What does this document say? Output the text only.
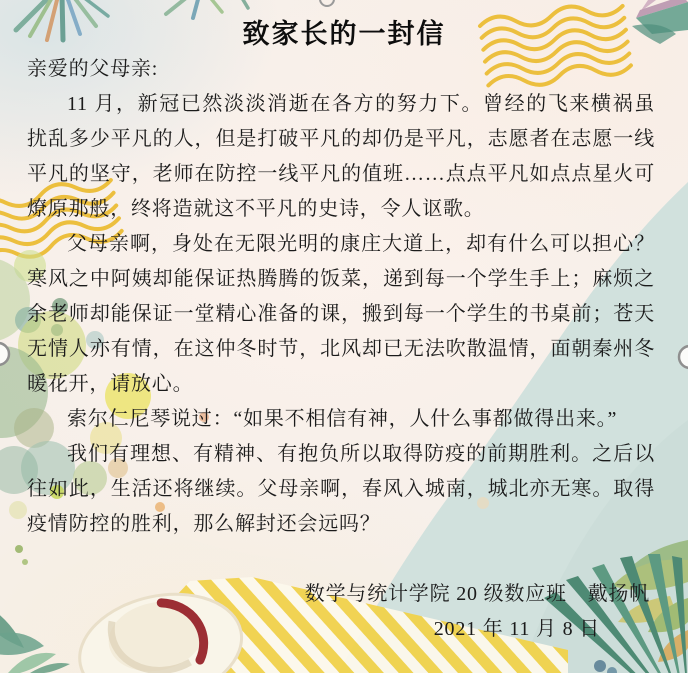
致家长的一封信

亲爱的父母亲:

11 月，新冠已然淡淡消逝在各方的努力下。曾经的飞来横祸虽扰乱多少平凡的人，但是打破平凡的却仍是平凡，志愿者在志愿一线平凡的坚守，老师在防控一线平凡的值班……点点平凡如点点星火可燎原那般，终将造就这不平凡的史诗，令人讴歌。

父母亲啊，身处在无限光明的康庄大道上，却有什么可以担心？寒风之中阿姨却能保证热腾腾的饭菜，递到每一个学生手上；麻烦之余老师却能保证一堂精心准备的课，搬到每一个学生的书桌前；苍天无情人亦有情，在这仲冬时节，北风却已无法吹散温情，面朝秦州冬暖花开，请放心。

索尔仁尼琴说过：“如果不相信有神，人什么事都做得出来。”

我们有理想、有精神、有抱负所以取得防疫的前期胜利。之后以往如此，生活还将继续。父母亲啊，春风入城南，城北亦无寒。取得疫情防控的胜利，那么解封还会远吗？

数学与统计学院 20 级数应班　戴扬帆

2021 年 11 月 8 日
